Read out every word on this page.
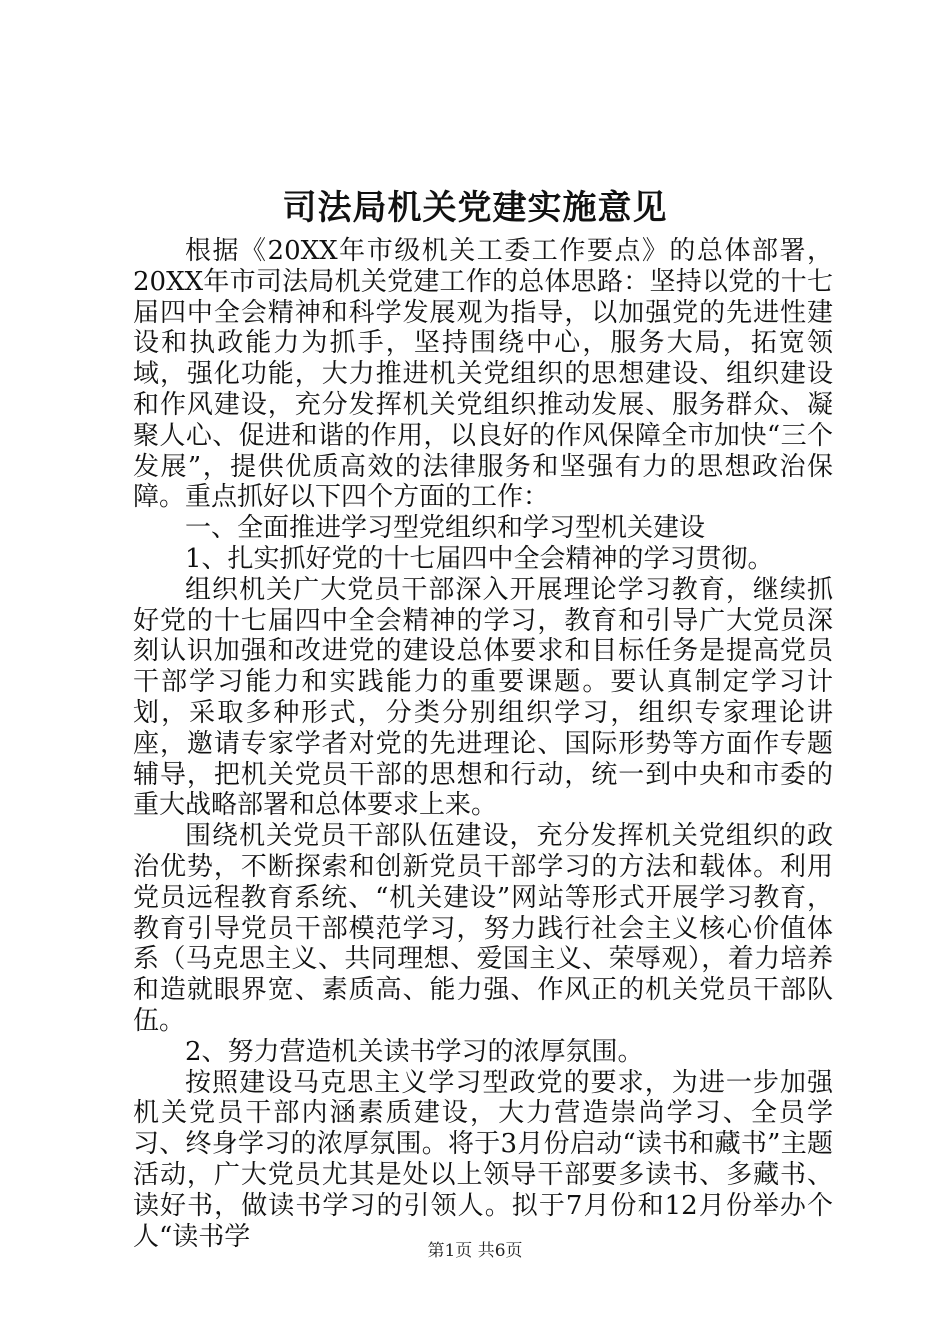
司法局机关党建实施意见

根据《20XX年市级机关工委工作要点》的总体部署，20XX年市司法局机关党建工作的总体思路：坚持以党的十七届四中全会精神和科学发展观为指导，以加强党的先进性建设和执政能力为抓手，坚持围绕中心，服务大局，拓宽领域，强化功能，大力推进机关党组织的思想建设、组织建设和作风建设，充分发挥机关党组织推动发展、服务群众、凝聚人心、促进和谐的作用，以良好的作风保障全市加快“三个发展”，提供优质高效的法律服务和坚强有力的思想政治保障。重点抓好以下四个方面的工作：

一、全面推进学习型党组织和学习型机关建设

1、扎实抓好党的十七届四中全会精神的学习贯彻。

组织机关广大党员干部深入开展理论学习教育，继续抓好党的十七届四中全会精神的学习，教育和引导广大党员深刻认识加强和改进党的建设总体要求和目标任务是提高党员干部学习能力和实践能力的重要课题。要认真制定学习计划，采取多种形式，分类分别组织学习，组织专家理论讲座，邀请专家学者对党的先进理论、国际形势等方面作专题辅导，把机关党员干部的思想和行动，统一到中央和市委的重大战略部署和总体要求上来。

围绕机关党员干部队伍建设，充分发挥机关党组织的政治优势，不断探索和创新党员干部学习的方法和载体。利用党员远程教育系统、“机关建设”网站等形式开展学习教育，教育引导党员干部模范学习，努力践行社会主义核心价值体系（马克思主义、共同理想、爱国主义、荣辱观），着力培养和造就眼界宽、素质高、能力强、作风正的机关党员干部队伍。

2、努力营造机关读书学习的浓厚氛围。

按照建设马克思主义学习型政党的要求，为进一步加强机关党员干部内涵素质建设，大力营造崇尚学习、全员学习、终身学习的浓厚氛围。将于3月份启动“读书和藏书”主题活动，广大党员尤其是处以上领导干部要多读书、多藏书、读好书，做读书学习的引领人。拟于7月份和12月份举办个人“读书学	第1页 共6页
